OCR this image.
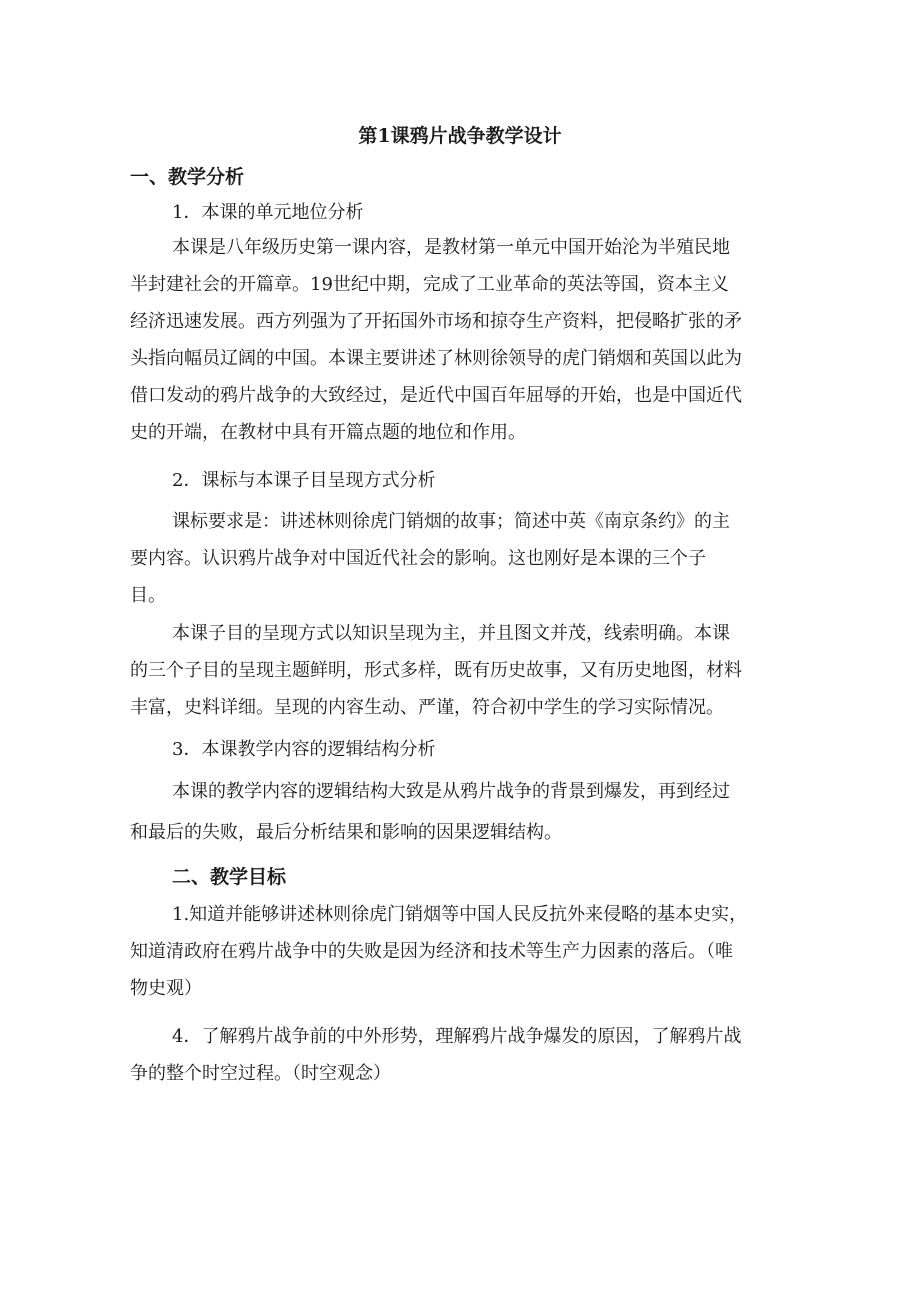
第1课鸦片战争教学设计
一、教学分析
1．本课的单元地位分析

本课是八年级历史第一课内容，是教材第一单元中国开始沦为半殖民地
半封建社会的开篇章。19世纪中期，完成了工业革命的英法等国，资本主义
经济迅速发展。西方列强为了开拓国外市场和掠夺生产资料，把侵略扩张的矛
头指向幅员辽阔的中国。本课主要讲述了林则徐领导的虎门销烟和英国以此为
借口发动的鸦片战争的大致经过，是近代中国百年屈辱的开始，也是中国近代
史的开端，在教材中具有开篇点题的地位和作用。

2．课标与本课子目呈现方式分析

课标要求是：讲述林则徐虎门销烟的故事；简述中英《南京条约》的主
要内容。认识鸦片战争对中国近代社会的影响。这也刚好是本课的三个子
目。

本课子目的呈现方式以知识呈现为主，并且图文并茂，线索明确。本课
的三个子目的呈现主题鲜明，形式多样，既有历史故事，又有历史地图，材料
丰富，史料详细。呈现的内容生动、严谨，符合初中学生的学习实际情况。

3．本课教学内容的逻辑结构分析

本课的教学内容的逻辑结构大致是从鸦片战争的背景到爆发，再到经过
和最后的失败，最后分析结果和影响的因果逻辑结构。

二、教学目标

1.知道并能够讲述林则徐虎门销烟等中国人民反抗外来侵略的基本史实，
知道清政府在鸦片战争中的失败是因为经济和技术等生产力因素的落后。（唯
物史观）

4．了解鸦片战争前的中外形势，理解鸦片战争爆发的原因，了解鸦片战
争的整个时空过程。（时空观念）
